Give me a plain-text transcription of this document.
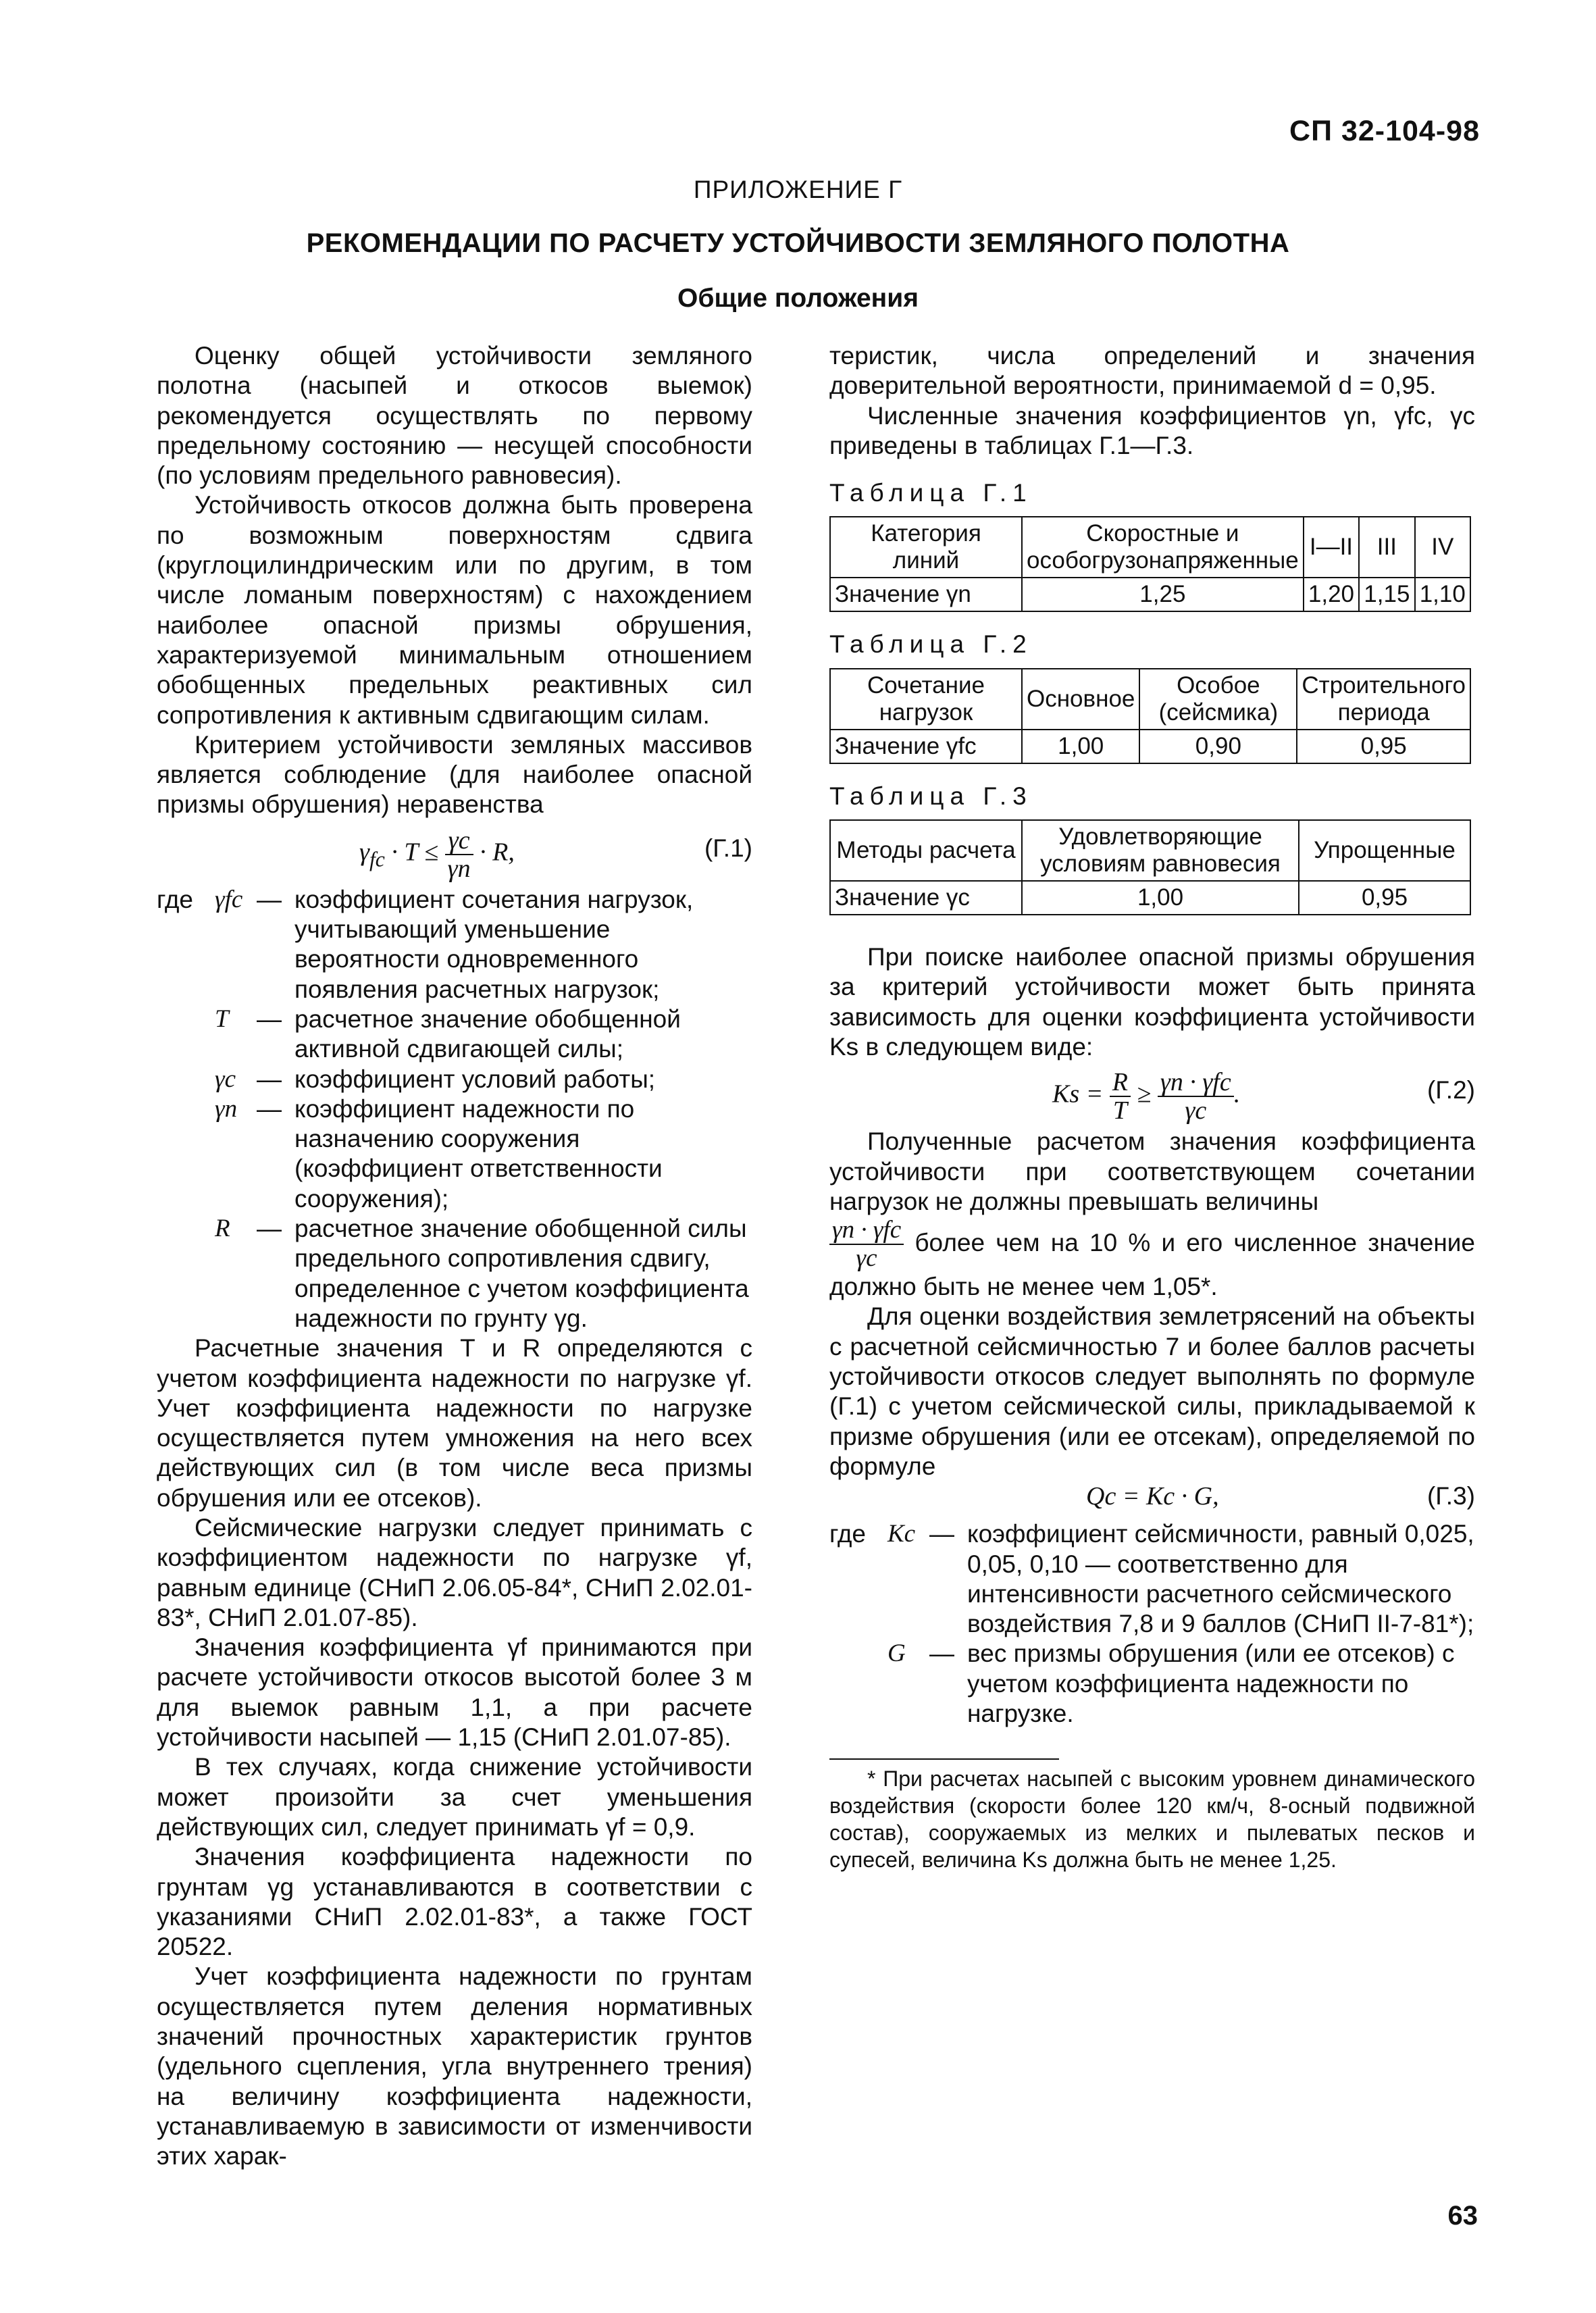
СП 32-104-98
ПРИЛОЖЕНИЕ Г
РЕКОМЕНДАЦИИ ПО РАСЧЕТУ УСТОЙЧИВОСТИ ЗЕМЛЯНОГО ПОЛОТНА
Общие положения

Оценку общей устойчивости земляного полотна (насыпей и откосов выемок) рекомендуется осуществлять по первому предельному состоянию — несущей способности (по условиям предельного равновесия).

Устойчивость откосов должна быть проверена по возможным поверхностям сдвига (круглоцилиндрическим или по другим, в том числе ломаным поверхностям) с нахождением наиболее опасной призмы обрушения, характеризуемой минимальным отношением обобщенных предельных реактивных сил сопротивления к активным сдвигающим силам.

Критерием устойчивости земляных массивов является соблюдение (для наиболее опасной призмы обрушения) неравенства

$\gamma_{fc} \cdot T \le \frac{\gamma c}{\gamma n} \cdot R$,	(Г.1)
где γfc — коэффициент сочетания нагрузок, учитывающий уменьшение вероятности одновременного появления расчетных нагрузок;
T	— расчетное значение обобщенной активной сдвигающей силы;
γc — коэффициент условий работы;
γn — коэффициент надежности по назначению сооружения (коэффициент ответственности сооружения);
R	— расчетное значение обобщенной силы предельного сопротивления сдвигу, определенное с учетом коэффициента надежности по грунту γg.

Расчетные значения T и R определяются с учетом коэффициента надежности по нагрузке γf. Учет коэффициента надежности по нагрузке осуществляется путем умножения на него всех действующих сил (в том числе веса призмы обрушения или ее отсеков).

Сейсмические нагрузки следует принимать с коэффициентом надежности по нагрузке γf, равным единице (СНиП 2.06.05-84*, СНиП 2.02.01-83*, СНиП 2.01.07-85).

Значения коэффициента γf принимаются при расчете устойчивости откосов высотой более 3 м для выемок равным 1,1, а при расчете устойчивости насыпей — 1,15 (СНиП 2.01.07-85).

В тех случаях, когда снижение устойчивости может произойти за счет уменьшения действующих сил, следует принимать γf = 0,9.

Значения коэффициента надежности по грунтам γg устанавливаются в соответствии с указаниями СНиП 2.02.01-83*, а также ГОСТ 20522.

Учет коэффициента надежности по грунтам осуществляется путем деления нормативных значений прочностных характеристик грунтов (удельного сцепления, угла внутреннего трения) на величину коэффициента надежности, устанавливаемую в зависимости от изменчивости этих харак-

теристик, числа определений и значения доверительной вероятности, принимаемой d = 0,95.

Численные значения коэффициентов γn, γfc, γc приведены в таблицах Г.1—Г.3.

Таблица Г.1

Категория линий	Скоростные и особогрузонапряженные	I—II	III	IV
Значение γn	1,25	1,20	1,15	1,10

Таблица Г.2

Сочетание нагрузок	Основное	Особое (сейсмика)	Строительного периода
Значение γfc	1,00	0,90	0,95

Таблица Г.3

Методы расчета	Удовлетворяющие условиям равновесия	Упрощенные
Значение γc	1,00	0,95

При поиске наиболее опасной призмы обрушения за критерий устойчивости может быть принята зависимость для оценки коэффициента устойчивости Ks в следующем виде:

$Ks = \frac{R}{T} \ge \frac{\text{γn · γfc}}{\gamma c}$ .	(Г.2)

Полученные расчетом значения коэффициента устойчивости при соответствующем сочетании нагрузок не должны превышать величины

$\frac{\text{γn · γfc}}{\gamma c}$ более чем на 10 % и его численное значение должно быть не менее чем 1,05*.

Для оценки воздействия землетрясений на объекты с расчетной сейсмичностью 7 и более баллов расчеты устойчивости откосов следует выполнять по формуле (Г.1) с учетом сейсмической силы, прикладываемой к призме обрушения (или ее отсекам), определяемой по формуле

Qc = Kc · G,	(Г.3)
где Kc — коэффициент сейсмичности, равный 0,025, 0,05, 0,10 — соответственно для интенсивности расчетного сейсмического воздействия 7,8 и 9 баллов (СНиП II-7-81*);
G — вес призмы обрушения (или ее отсеков) с учетом коэффициента надежности по нагрузке.

* При расчетах насыпей с высоким уровнем динамического воздействия (скорости более 120 км/ч, 8-осный подвижной состав), сооружаемых из мелких и пылеватых песков и супесей, величина Ks должна быть не менее 1,25.

63
